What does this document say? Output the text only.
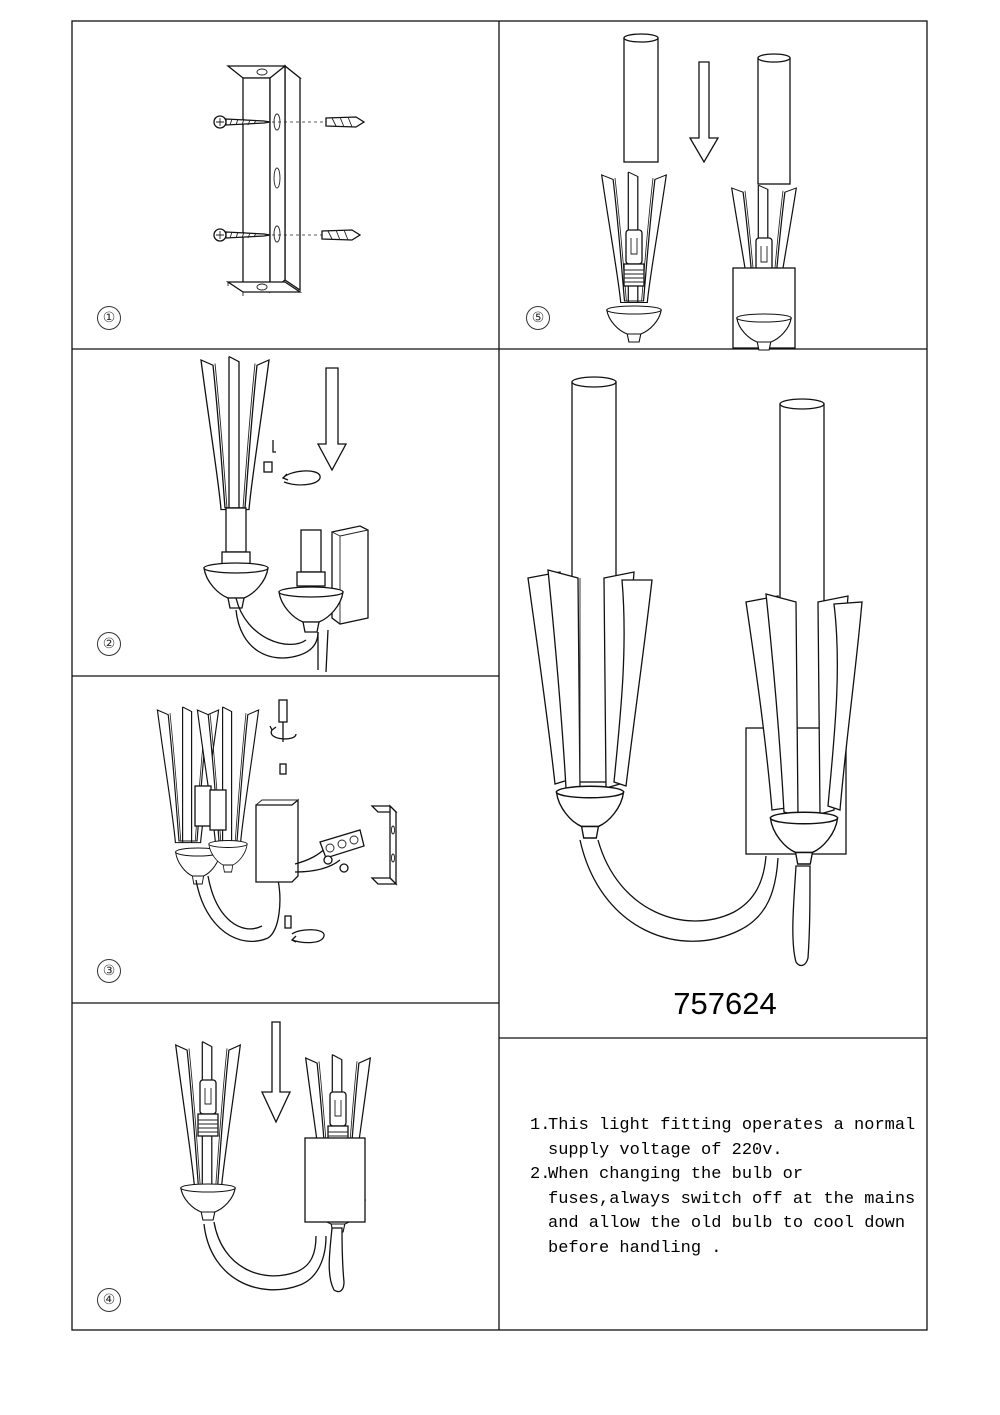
①	⑤
②
③
④
757624
1.
This light fitting operates a normal
supply voltage of 220v.
2.
When changing the bulb or
fuses,always switch off at the mains
and allow the old bulb to cool down
before handling .
